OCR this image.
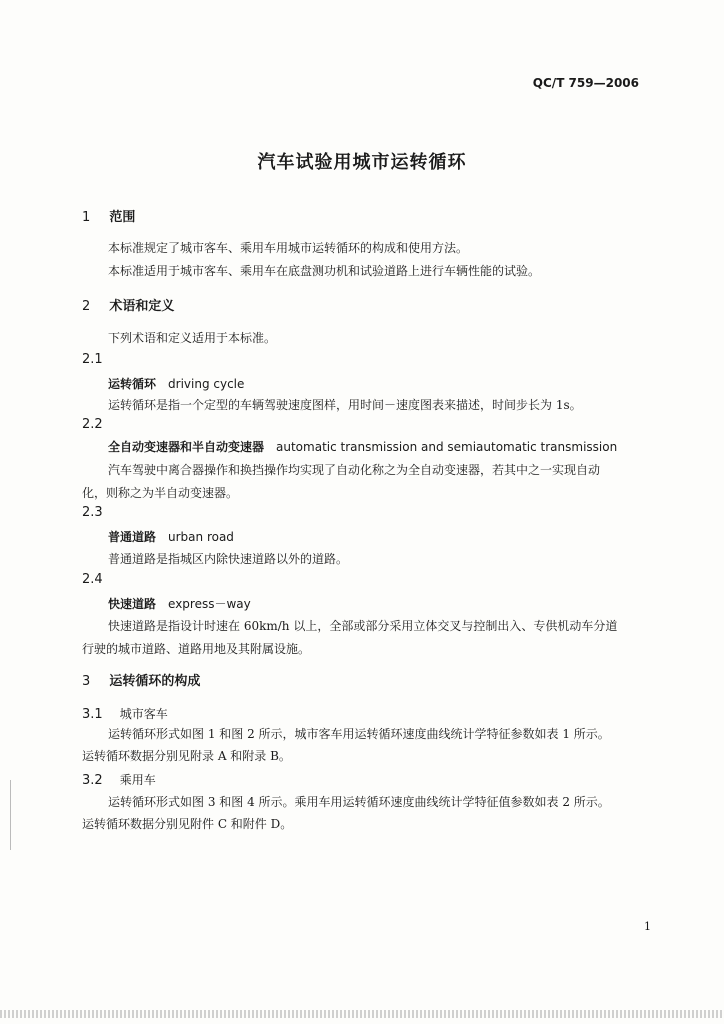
QC/T 759—2006
汽车试验用城市运转循环
1 范围
本标准规定了城市客车、乘用车用城市运转循环的构成和使用方法。
本标准适用于城市客车、乘用车在底盘测功机和试验道路上进行车辆性能的试验。
2 术语和定义
下列术语和定义适用于本标准。
2.1
运转循环 driving cycle
运转循环是指一个定型的车辆驾驶速度图样，用时间－速度图表来描述，时间步长为 1s。
2.2
全自动变速器和半自动变速器 automatic transmission and semiautomatic transmission
汽车驾驶中离合器操作和换挡操作均实现了自动化称之为全自动变速器，若其中之一实现自动
化，则称之为半自动变速器。
2.3
普通道路 urban road
普通道路是指城区内除快速道路以外的道路。
2.4
快速道路 express－way
快速道路是指设计时速在 60km/h 以上，全部或部分采用立体交叉与控制出入、专供机动车分道
行驶的城市道路、道路用地及其附属设施。
3 运转循环的构成
3.1 城市客车
运转循环形式如图 1 和图 2 所示，城市客车用运转循环速度曲线统计学特征参数如表 1 所示。
运转循环数据分别见附录 A 和附录 B。
3.2 乘用车
运转循环形式如图 3 和图 4 所示。乘用车用运转循环速度曲线统计学特征值参数如表 2 所示。
运转循环数据分别见附件 C 和附件 D。
1
